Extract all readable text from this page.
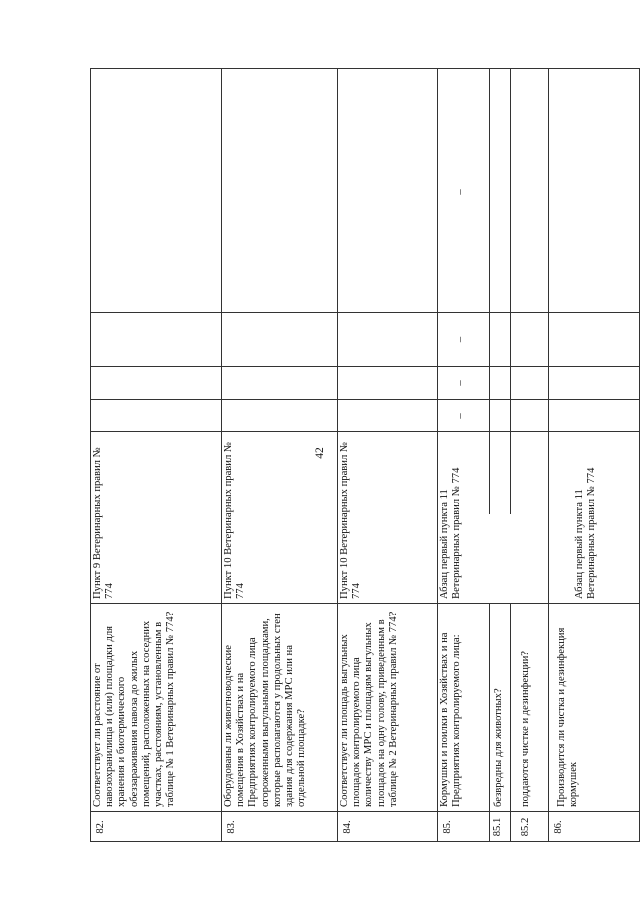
42
82.
Соответствует ли расстояние от навозохранилища и (или) площадки для хранения и биотермического обеззараживания навоза до жилых помещений, расположенных на соседних участках, расстояниям, установленным в таблице № 1 Ветеринарных правил № 774?
Пункт 9 Ветеринарных правил № 774
83.
Оборудованы ли животноводческие помещения в Хозяйствах и на Предприятиях контролируемого лица огороженными выгульными площадками, которые располагаются у продольных стен здания для содержания МРС или на отдельной площадке?
Пункт 10 Ветеринарных правил № 774
84.
Соответствует ли площадь выгульных площадок контролируемого лица количеству МРС и площадям выгульных площадок на одну голову, приведенным в таблице № 2 Ветеринарных правил № 774?
Пункт 10 Ветеринарных правил № 774
85.
Кормушки и поилки в Хозяйствах и на Предприятиях контролируемого лица:
Абзац первый пункта 11 Ветеринарных правил № 774
–
–
–
–
85.1
безвредны для животных?
85.2
поддаются чистке и дезинфекции?
86.
Производится ли чистка и дезинфекция кормушек
Абзац первый пункта 11 Ветеринарных правил № 774
